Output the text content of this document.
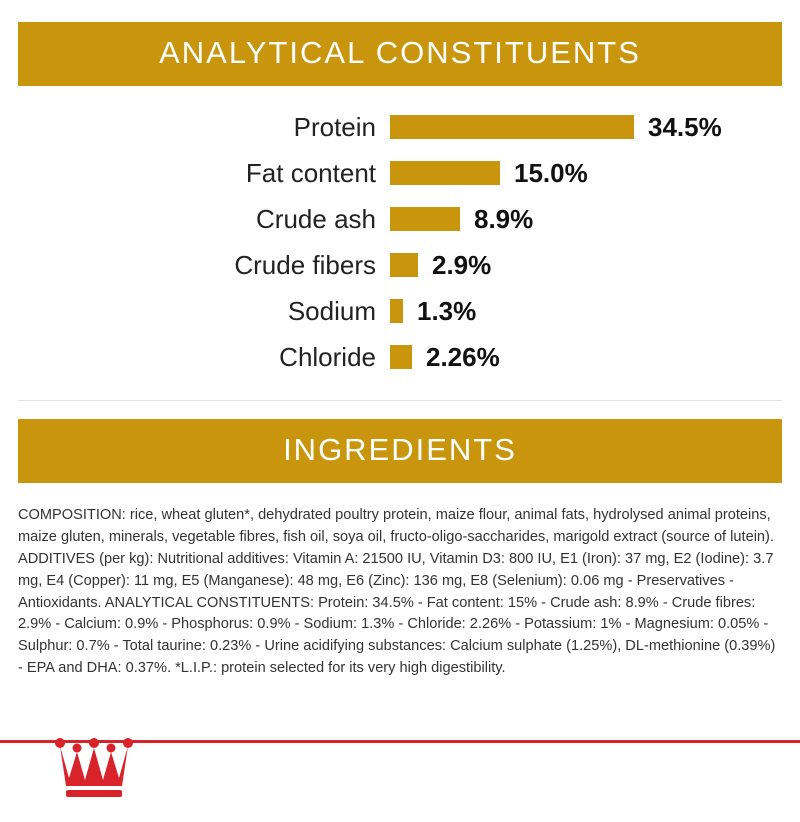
ANALYTICAL CONSTITUENTS
Protein	34.5%
Fat content	15.0%
Crude ash	8.9%
Crude fibers	2.9%
Sodium	1.3%
Chloride	2.26%
INGREDIENTS

COMPOSITION: rice, wheat gluten*, dehydrated poultry protein, maize flour, animal fats, hydrolysed animal proteins, maize gluten, minerals, vegetable fibres, fish oil, soya oil, fructo-oligo-saccharides, marigold extract (source of lutein). ADDITIVES (per kg): Nutritional additives: Vitamin A: 21500 IU, Vitamin D3: 800 IU, E1 (Iron): 37 mg, E2 (Iodine): 3.7 mg, E4 (Copper): 11 mg, E5 (Manganese): 48 mg, E6 (Zinc): 136 mg, E8 (Selenium): 0.06 mg - Preservatives - Antioxidants. ANALYTICAL CONSTITUENTS: Protein: 34.5% - Fat content: 15% - Crude ash: 8.9% - Crude fibres: 2.9% - Calcium: 0.9% - Phosphorus: 0.9% - Sodium: 1.3% - Chloride: 2.26% - Potassium: 1% - Magnesium: 0.05% - Sulphur: 0.7% - Total taurine: 0.23% - Urine acidifying substances: Calcium sulphate (1.25%), DL-methionine (0.39%) - EPA and DHA: 0.37%. *L.I.P.: protein selected for its very high digestibility.
